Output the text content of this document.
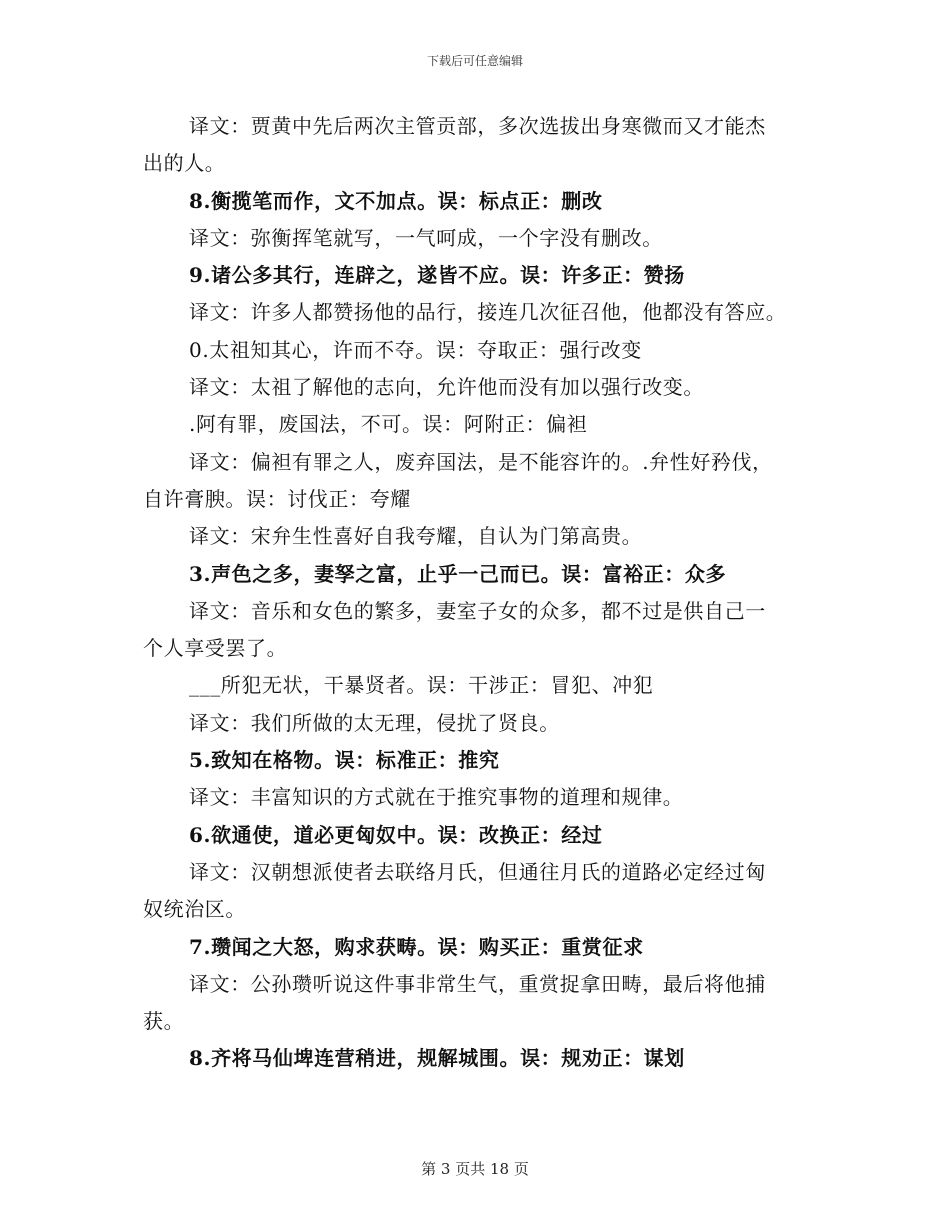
下载后可任意编辑
译文：贾黄中先后两次主管贡部，多次选拔出身寒微而又才能杰
出的人。
8.衡揽笔而作，文不加点。误：标点正：删改
译文：弥衡挥笔就写，一气呵成，一个字没有删改。
9.诸公多其行，连辟之，遂皆不应。误：许多正：赞扬
译文：许多人都赞扬他的品行，接连几次征召他，他都没有答应。
0.太祖知其心，许而不夺。误：夺取正：强行改变
译文：太祖了解他的志向，允许他而没有加以强行改变。
.阿有罪，废国法，不可。误：阿附正：偏袒
译文：偏袒有罪之人，废弃国法，是不能容许的。.弁性好矜伐，
自许膏腴。误：讨伐正：夸耀
译文：宋弁生性喜好自我夸耀，自认为门第高贵。
3.声色之多，妻孥之富，止乎一己而已。误：富裕正：众多
译文：音乐和女色的繁多，妻室子女的众多，都不过是供自己一
个人享受罢了。
___所犯无状，干暴贤者。误：干涉正：冒犯、冲犯
译文：我们所做的太无理，侵扰了贤良。
5.致知在格物。误：标准正：推究
译文：丰富知识的方式就在于推究事物的道理和规律。
6.欲通使，道必更匈奴中。误：改换正：经过
译文：汉朝想派使者去联络月氏，但通往月氏的道路必定经过匈
奴统治区。
7.瓒闻之大怒，购求获畴。误：购买正：重赏征求
译文：公孙瓒听说这件事非常生气，重赏捉拿田畴，最后将他捕
获。
8.齐将马仙埤连营稍进，规解城围。误：规劝正：谋划
第 3 页共 18 页
